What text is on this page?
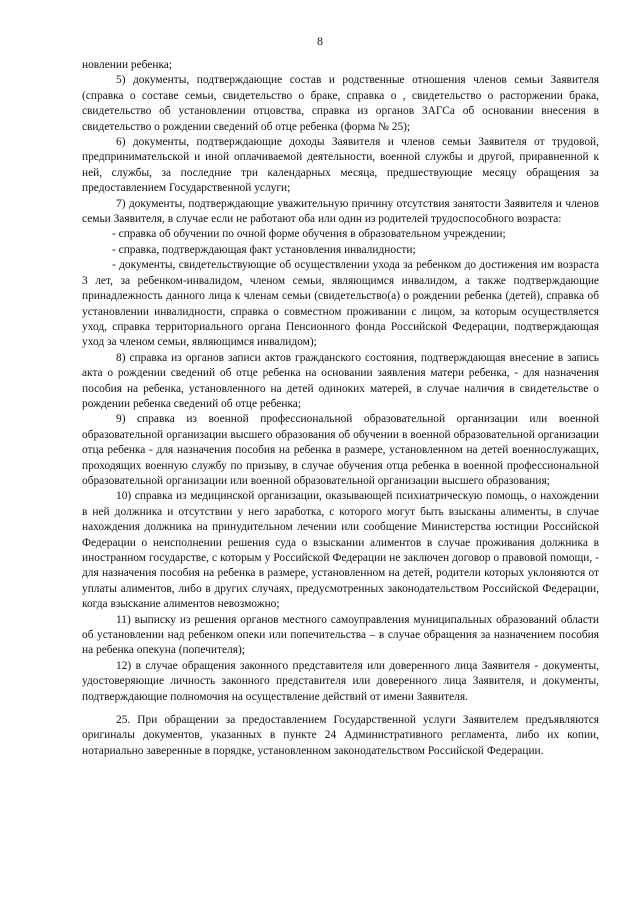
8

новлении ребенка;

5) документы, подтверждающие состав и родственные отношения членов семьи Заявителя (справка о составе семьи, свидетельство о браке, справка о , свидетельство о расторжении брака, свидетельство об установлении отцовства, справка из органов ЗАГСа об основании внесения в свидетельство о рождении сведений об отце ребенка (форма № 25);

6) документы, подтверждающие доходы Заявителя и членов семьи Заявителя от трудовой, предпринимательской и иной оплачиваемой деятельности, военной службы и другой, приравненной к ней, службы, за последние три календарных месяца, предшествующие месяцу обращения за предоставлением Государственной услуги;

7) документы, подтверждающие уважительную причину отсутствия занятости Заявителя и членов семьи Заявителя, в случае если не работают оба или один из родителей трудоспособного возраста:

- справка об обучении по очной форме обучения в образовательном учреждении;

- справка, подтверждающая факт установления инвалидности;

- документы, свидетельствующие об осуществлении ухода за ребенком до достижения им возраста 3 лет, за ребенком-инвалидом, членом семьи, являющимся инвалидом, а также подтверждающие принадлежность данного лица к членам семьи (свидетельство(а) о рождении ребенка (детей), справка об установлении инвалидности, справка о совместном проживании с лицом, за которым осуществляется уход, справка территориального органа Пенсионного фонда Российской Федерации, подтверждающая уход за членом семьи, являющимся инвалидом);

8) справка из органов записи актов гражданского состояния, подтверждающая внесение в запись акта о рождении сведений об отце ребенка на основании заявления матери ребенка, - для назначения пособия на ребенка, установленного на детей одиноких матерей, в случае наличия в свидетельстве о рождении ребенка сведений об отце ребенка;

9) справка из военной профессиональной образовательной организации или военной образовательной организации высшего образования об обучении в военной образовательной организации отца ребенка - для назначения пособия на ребенка в размере, установленном на детей военнослужащих, проходящих военную службу по призыву, в случае обучения отца ребенка в военной профессиональной образовательной организации или военной образовательной организации высшего образования;

10) справка из медицинской организации, оказывающей психиатрическую помощь, о нахождении в ней должника и отсутствии у него заработка, с которого могут быть взысканы алименты, в случае нахождения должника на принудительном лечении или сообщение Министерства юстиции Российской Федерации о неисполнении решения суда о взыскании алиментов в случае проживания должника в иностранном государстве, с которым у Российской Федерации не заключен договор о правовой помощи, - для назначения пособия на ребенка в размере, установленном на детей, родители которых уклоняются от уплаты алиментов, либо в других случаях, предусмотренных законодательством Российской Федерации, когда взыскание алиментов невозможно;

11) выписку из решения органов местного самоуправления муниципальных образований области об установлении над ребенком опеки или попечительства – в случае обращения за назначением пособия на ребенка опекуна (попечителя);

12) в случае обращения законного представителя или доверенного лица Заявителя - документы, удостоверяющие личность законного представителя или доверенного лица Заявителя, и документы, подтверждающие полномочия на осуществление действий от имени Заявителя.

25. При обращении за предоставлением Государственной услуги Заявителем предъявляются оригиналы документов, указанных в пункте 24 Административного регламента, либо их копии, нотариально заверенные в порядке, установленном законодательством Российской Федерации.
